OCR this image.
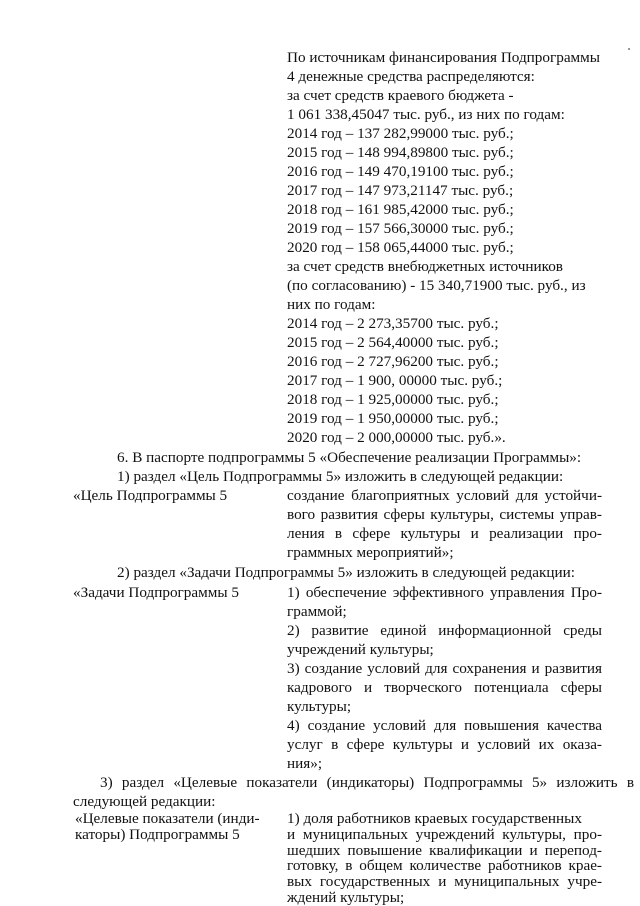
По источникам финансирования Подпрограммы
4 денежные средства распределяются:
за счет средств краевого бюджета -
1 061 338,45047 тыс. руб., из них по годам:
2014 год – 137 282,99000 тыс. руб.;
2015 год – 148 994,89800 тыс. руб.;
2016 год – 149 470,19100 тыс. руб.;
2017 год – 147 973,21147 тыс. руб.;
2018 год – 161 985,42000 тыс. руб.;
2019 год – 157 566,30000 тыс. руб.;
2020 год – 158 065,44000 тыс. руб.;
за счет средств внебюджетных источников
(по согласованию) - 15 340,71900 тыс. руб., из
них по годам:
2014 год – 2 273,35700 тыс. руб.;
2015 год – 2 564,40000 тыс. руб.;
2016 год – 2 727,96200 тыс. руб.;
2017 год – 1 900, 00000 тыс. руб.;
2018 год – 1 925,00000 тыс. руб.;
2019 год – 1 950,00000 тыс. руб.;
2020 год – 2 000,00000 тыс. руб.».
6. В паспорте подпрограммы 5 «Обеспечение реализации Программы»:
1) раздел «Цель Подпрограммы 5» изложить в следующей редакции:
«Цель Подпрограммы 5	создание благоприятных условий для устойчи-
вого развития сферы культуры, системы управ-
ления в сфере культуры и реализации про-
граммных мероприятий»;
2) раздел «Задачи Подпрограммы 5» изложить в следующей редакции:
«Задачи Подпрограммы 5	1) обеспечение эффективного управления Про-
граммой;
2) развитие единой информационной среды
учреждений культуры;
3) создание условий для сохранения и развития
кадрового и творческого потенциала сферы
культуры;
4) создание условий для повышения качества
услуг в сфере культуры и условий их оказа-
ния»;
3) раздел «Целевые показатели (индикаторы) Подпрограммы 5» изложить в
следующей редакции:
«Целевые показатели (инди-
каторы) Подпрограммы 5
1) доля работников краевых государственных
и муниципальных учреждений культуры, про-
шедших повышение квалификации и перепод-
готовку, в общем количестве работников крае-
вых государственных и муниципальных учре-
ждений культуры;
